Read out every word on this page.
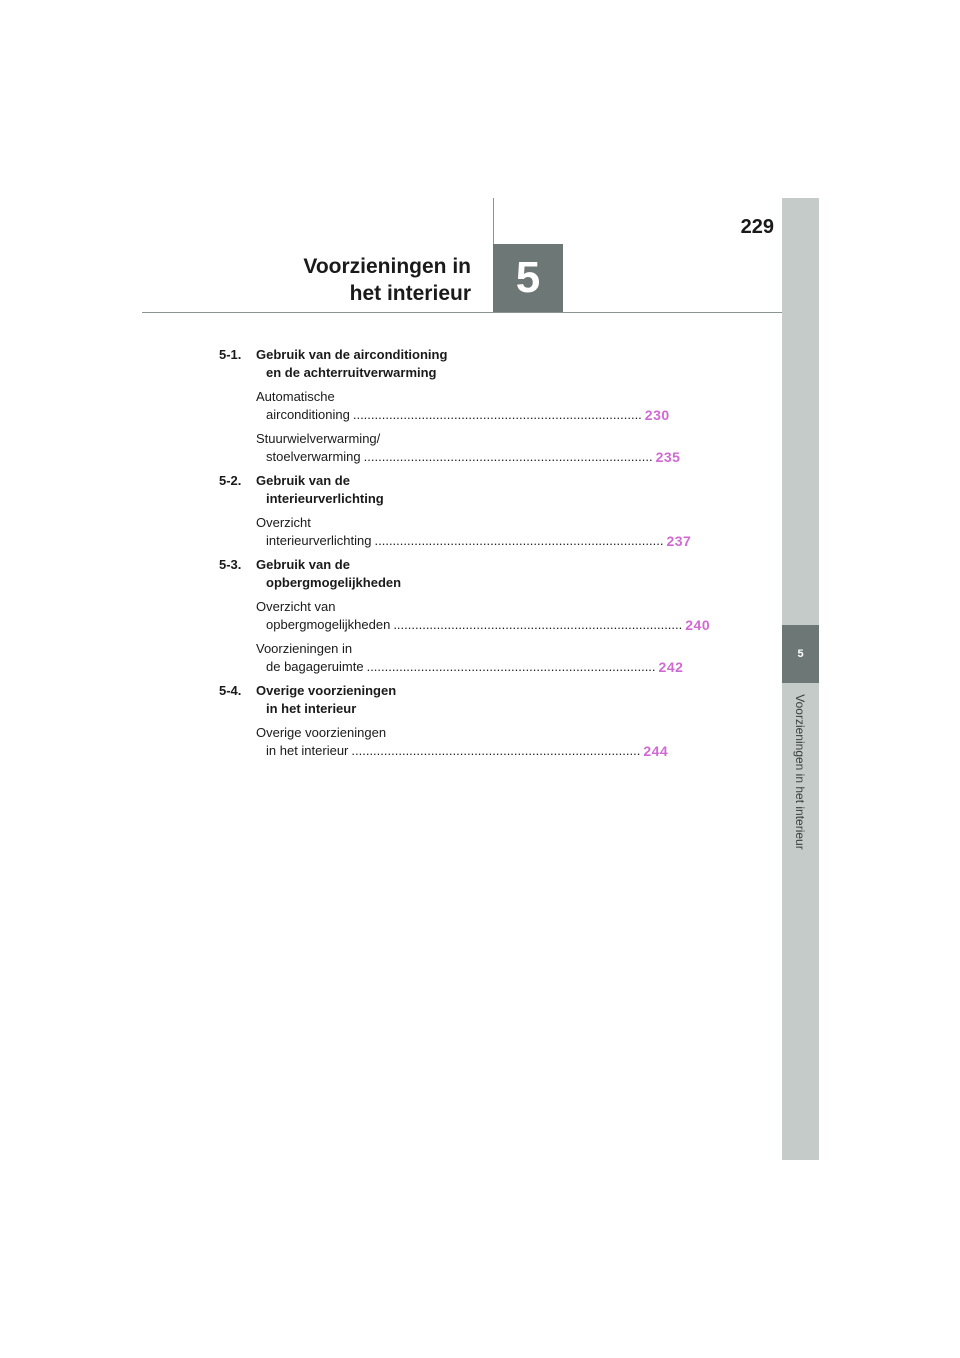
5
Voorzieningen in het interieur
229
5
Voorzieningen in
het interieur
5-1.	Gebruik van de airconditioning
en de achterruitverwarming
Automatische
airconditioning ................................................................................ 230
Stuurwielverwarming/
stoelverwarming ................................................................................ 235
5-2.	Gebruik van de
interieurverlichting
Overzicht
interieurverlichting ................................................................................ 237
5-3.	Gebruik van de
opbergmogelijkheden
Overzicht van
opbergmogelijkheden ................................................................................ 240
Voorzieningen in
de bagageruimte ................................................................................ 242
5-4.	Overige voorzieningen
in het interieur
Overige voorzieningen
in het interieur ................................................................................ 244
